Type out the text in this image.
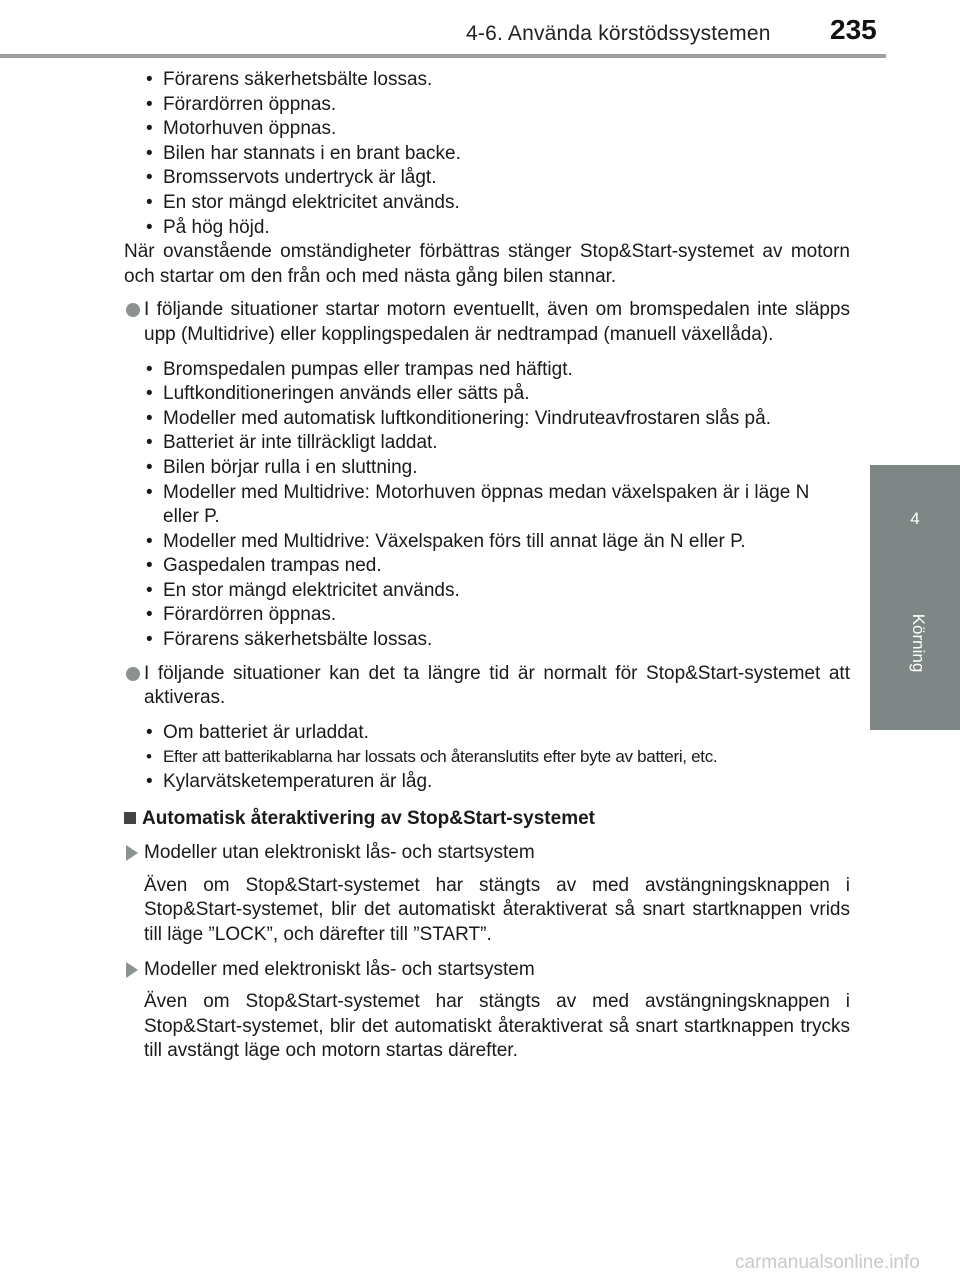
4-6. Använda körstödssystemen 235
4
Körning
• Förarens säkerhetsbälte lossas.
• Förardörren öppnas.
• Motorhuven öppnas.
• Bilen har stannats i en brant backe.
• Bromsservots undertryck är lågt.
• En stor mängd elektricitet används.
• På hög höjd.

När ovanstående omständigheter förbättras stänger Stop&Start-systemet av motorn och startar om den från och med nästa gång bilen stannar.

I följande situationer startar motorn eventuellt, även om bromspedalen inte släpps upp (Multidrive) eller kopplingspedalen är nedtrampad (manuell växellåda).
• Bromspedalen pumpas eller trampas ned häftigt.
• Luftkonditioneringen används eller sätts på.
• Modeller med automatisk luftkonditionering: Vindruteavfrostaren slås på.
• Batteriet är inte tillräckligt laddat.
• Bilen börjar rulla i en sluttning.
• Modeller med Multidrive: Motorhuven öppnas medan växelspaken är i läge N eller P.
• Modeller med Multidrive: Växelspaken förs till annat läge än N eller P.
• Gaspedalen trampas ned.
• En stor mängd elektricitet används.
• Förardörren öppnas.
• Förarens säkerhetsbälte lossas.
I följande situationer kan det ta längre tid är normalt för Stop&Start-systemet att aktiveras.
• Om batteriet är urladdat.
• Efter att batterikablarna har lossats och återanslutits efter byte av batteri, etc.
• Kylarvätsketemperaturen är låg.
Automatisk återaktivering av Stop&Start-systemet
Modeller utan elektroniskt lås- och startsystem

Även om Stop&Start-systemet har stängts av med avstängningsknappen i Stop&Start-systemet, blir det automatiskt återaktiverat så snart startknappen vrids till läge ”LOCK”, och därefter till ”START”.

Modeller med elektroniskt lås- och startsystem

Även om Stop&Start-systemet har stängts av med avstängningsknappen i Stop&Start-systemet, blir det automatiskt återaktiverat så snart startknappen trycks till avstängt läge och motorn startas därefter.

carmanualsonline.info
